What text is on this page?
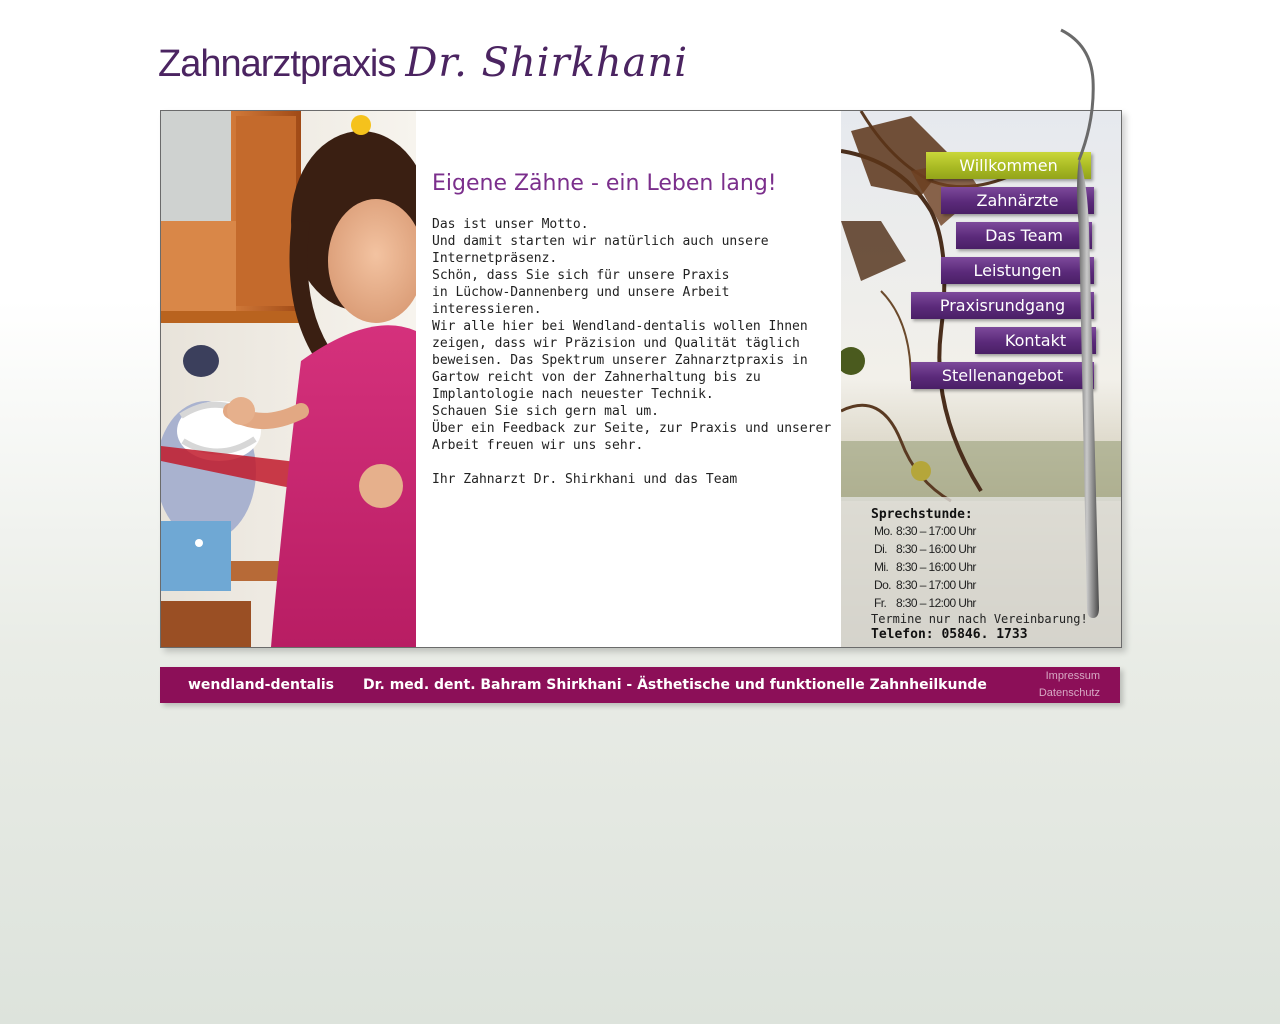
Zahnarztpraxis Dr. Shirkhani
Eigene Zähne - ein Leben lang!
Das ist unser Motto.
Und damit starten wir natürlich auch unsere
Internetpräsenz.
Schön, dass Sie sich für unsere Praxis
in Lüchow-Dannenberg und unsere Arbeit
interessieren.
Wir alle hier bei Wendland-dentalis wollen Ihnen
zeigen, dass wir Präzision und Qualität täglich
beweisen. Das Spektrum unserer Zahnarztpraxis in
Gartow reicht von der Zahnerhaltung bis zu
Implantologie nach neuester Technik.
Schauen Sie sich gern mal um.
Über ein Feedback zur Seite, zur Praxis und unserer
Arbeit freuen wir uns sehr.
Ihr Zahnarzt Dr. Shirkhani und das Team
Willkommen
Zahnärzte
Das Team
Leistungen
Praxisrundgang
Kontakt
Stellenangebot
Sprechstunde:
Mo. 8:30 – 17:00 Uhr
Di. 8:30 – 16:00 Uhr
Mi. 8:30 – 16:00 Uhr
Do. 8:30 – 17:00 Uhr
Fr. 8:30 – 12:00 Uhr
Termine nur nach Vereinbarung!
Telefon: 05846. 1733
wendland-dentalis Dr. med. dent. Bahram Shirkhani - Ästhetische und funktionelle Zahnheilkunde
Impressum
Datenschutz
